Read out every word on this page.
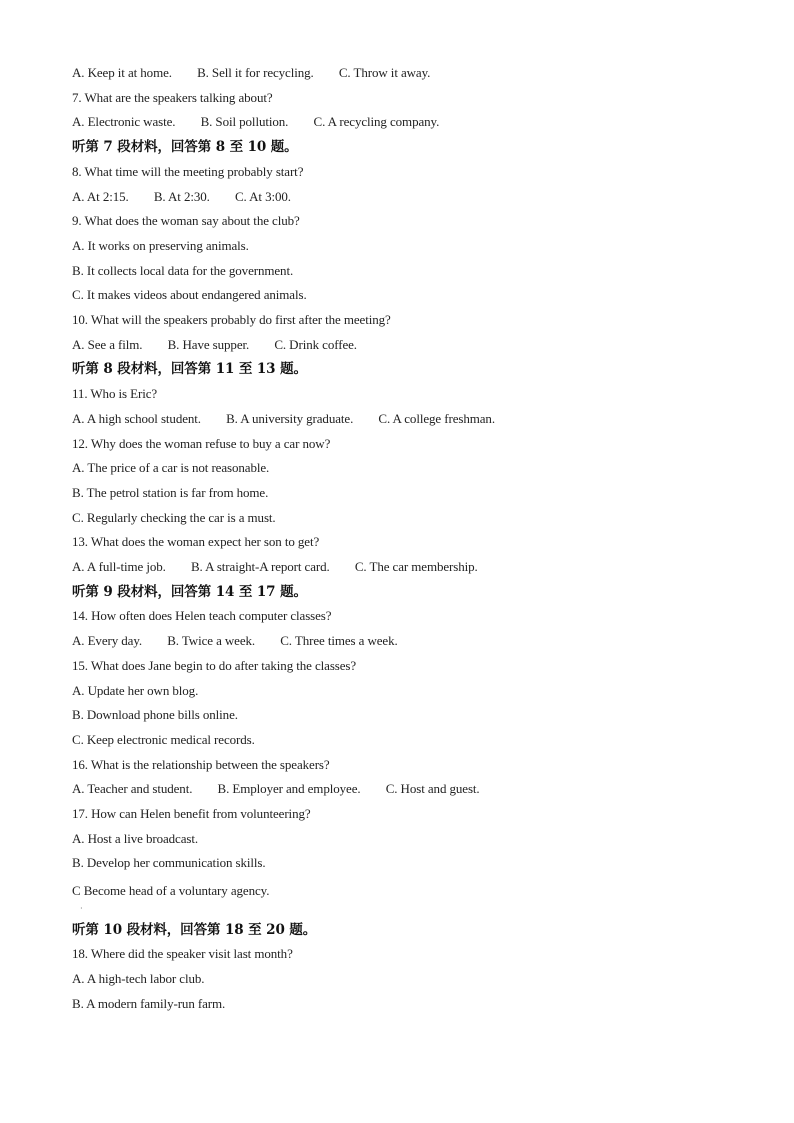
A. Keep it at home. B. Sell it for recycling. C. Throw it away.
7. What are the speakers talking about?
A. Electronic waste. B. Soil pollution. C. A recycling company.
听第 7 段材料，回答第 8 至 10 题。
8. What time will the meeting probably start?
A. At 2:15. B. At 2:30. C. At 3:00.
9. What does the woman say about the club?
A. It works on preserving animals.
B. It collects local data for the government.
C. It makes videos about endangered animals.
10. What will the speakers probably do first after the meeting?
A. See a film. B. Have supper. C. Drink coffee.
听第 8 段材料，回答第 11 至 13 题。
11. Who is Eric?
A. A high school student. B. A university graduate. C. A college freshman.
12. Why does the woman refuse to buy a car now?
A. The price of a car is not reasonable.
B. The petrol station is far from home.
C. Regularly checking the car is a must.
13. What does the woman expect her son to get?
A. A full-time job. B. A straight-A report card. C. The car membership.
听第 9 段材料，回答第 14 至 17 题。
14. How often does Helen teach computer classes?
A. Every day. B. Twice a week. C. Three times a week.
15. What does Jane begin to do after taking the classes?
A. Update her own blog.
B. Download phone bills online.
C. Keep electronic medical records.
16. What is the relationship between the speakers?
A. Teacher and student. B. Employer and employee. C. Host and guest.
17. How can Helen benefit from volunteering?
A. Host a live broadcast.
B. Develop her communication skills.
C Become head of a voluntary agency.
·
听第 10 段材料，回答第 18 至 20 题。
18. Where did the speaker visit last month?
A. A high-tech labor club.
B. A modern family-run farm.
